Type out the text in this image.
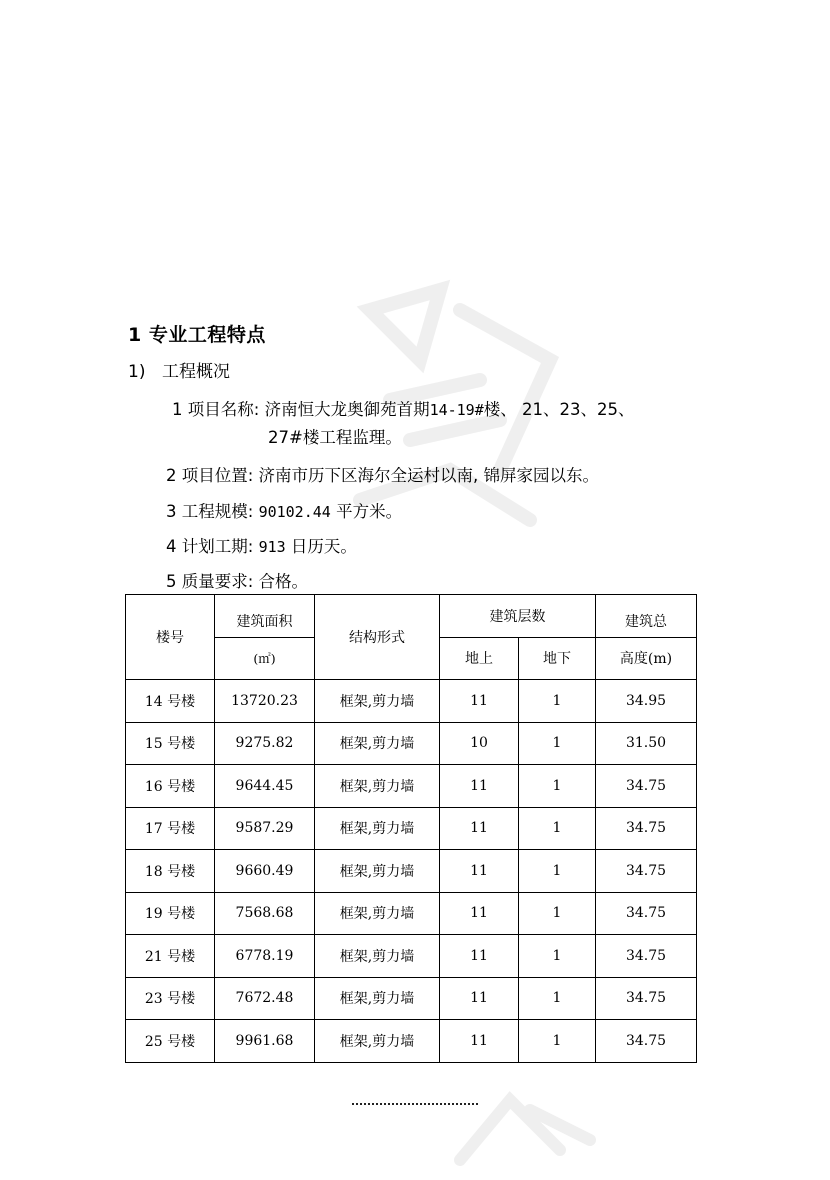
1 专业工程特点
1) 工程概况
1 项目名称: 济南恒大龙奥御苑首期14-19#楼、 21、23、25、
27#楼工程监理。
2 项目位置: 济南市历下区海尔全运村以南, 锦屏家园以东。
3 工程规模: 90102.44 平方米。
4 计划工期: 913 日历天。
5 质量要求: 合格。
楼号	建筑面积	结构形式	建筑层数		建筑总
	(㎡)		地上	地下	高度(m)
14 号楼	13720.23	框架,剪力墙	11	1	34.95
15 号楼	9275.82	框架,剪力墙	10	1	31.50
16 号楼	9644.45	框架,剪力墙	11	1	34.75
17 号楼	9587.29	框架,剪力墙	11	1	34.75
18 号楼	9660.49	框架,剪力墙	11	1	34.75
19 号楼	7568.68	框架,剪力墙	11	1	34.75
21 号楼	6778.19	框架,剪力墙	11	1	34.75
23 号楼	7672.48	框架,剪力墙	11	1	34.75
25 号楼	9961.68	框架,剪力墙	11	1	34.75
